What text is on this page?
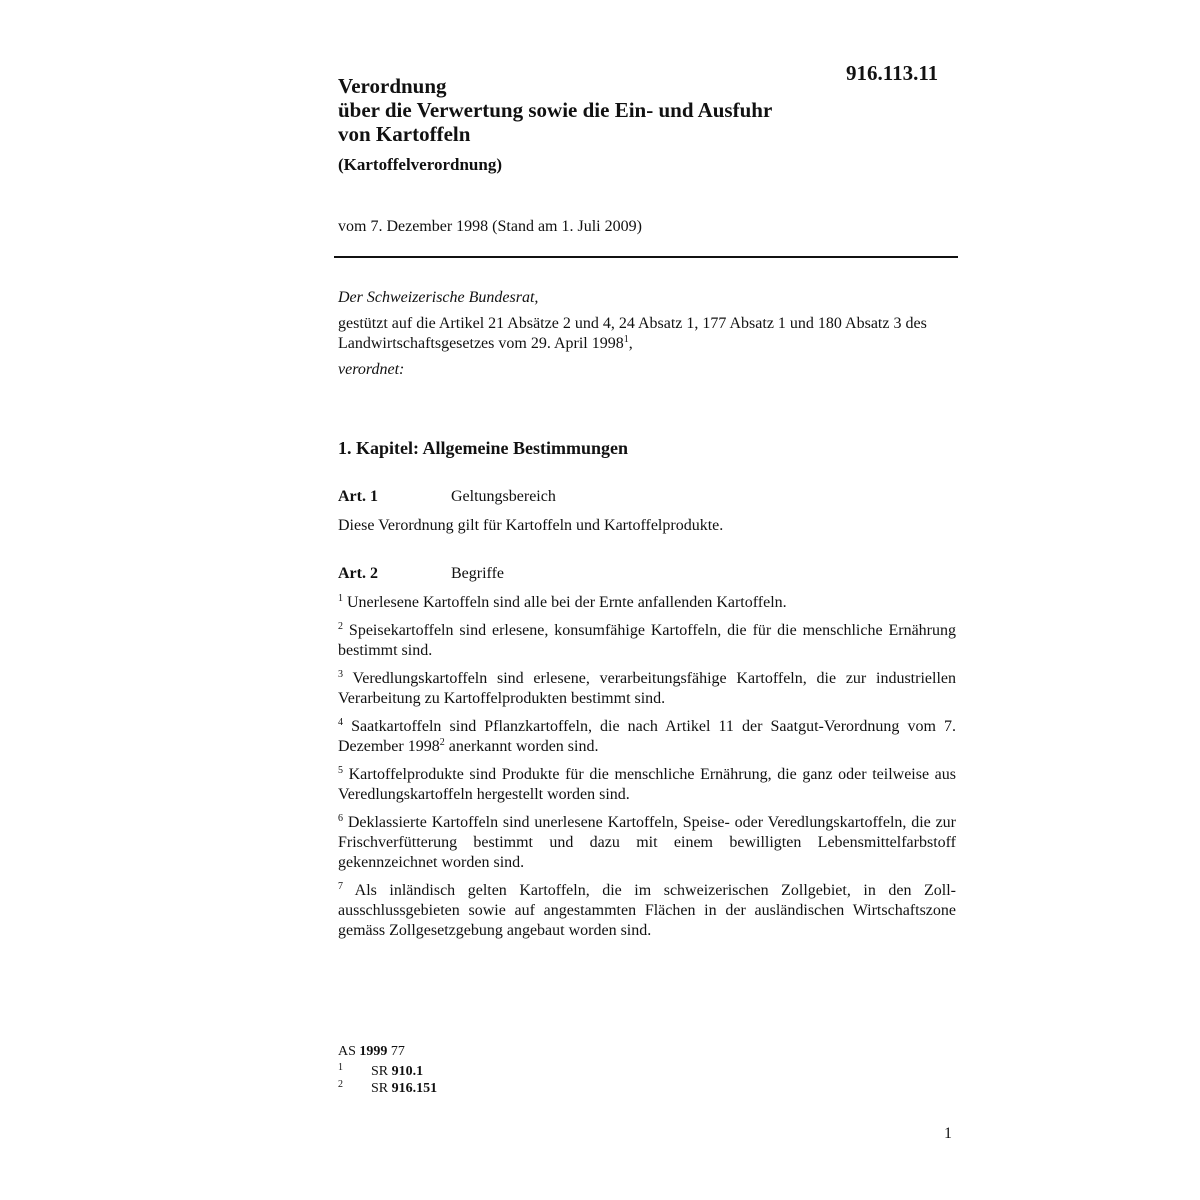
916.113.11
Verordnung
über die Verwertung sowie die Ein- und Ausfuhr
von Kartoffeln
(Kartoffelverordnung)
vom 7. Dezember 1998 (Stand am 1. Juli 2009)

Der Schweizerische Bundesrat,

gestützt auf die Artikel 21 Absätze 2 und 4, 24 Absatz 1, 177 Absatz 1 und 180 Absatz 3 des Landwirtschaftsgesetzes vom 29. April 1998$^1$,

verordnet:

1. Kapitel: Allgemeine Bestimmungen
Art. 1	Geltungsbereich
Diese Verordnung gilt für Kartoffeln und Kartoffelprodukte.
Art. 2	Begriffe

$^1$ Unerlesene Kartoffeln sind alle bei der Ernte anfallenden Kartoffeln.

$^2$ Speisekartoffeln sind erlesene, konsumfähige Kartoffeln, die für die menschliche Ernährung bestimmt sind.

$^3$ Veredlungskartoffeln sind erlesene, verarbeitungsfähige Kartoffeln, die zur industriellen Verarbeitung zu Kartoffelprodukten bestimmt sind.

$^4$ Saatkartoffeln sind Pflanzkartoffeln, die nach Artikel 11 der Saatgut-Verordnung vom 7. Dezember 1998$^2$ anerkannt worden sind.

$^5$ Kartoffelprodukte sind Produkte für die menschliche Ernährung, die ganz oder teilweise aus Veredlungskartoffeln hergestellt worden sind.

$^6$ Deklassierte Kartoffeln sind unerlesene Kartoffeln, Speise- oder Veredlungskartoffeln, die zur Frischverfütterung bestimmt und dazu mit einem bewilligten Lebensmittelfarbstoff gekennzeichnet worden sind.

$^7$ Als inländisch gelten Kartoffeln, die im schweizerischen Zollgebiet, in den Zollausschlussgebieten sowie auf angestammten Flächen in der ausländischen Wirtschaftszone gemäss Zollgesetzgebung angebaut worden sind.

AS 1999 77
1 SR 910.1
2 SR 916.151
1
